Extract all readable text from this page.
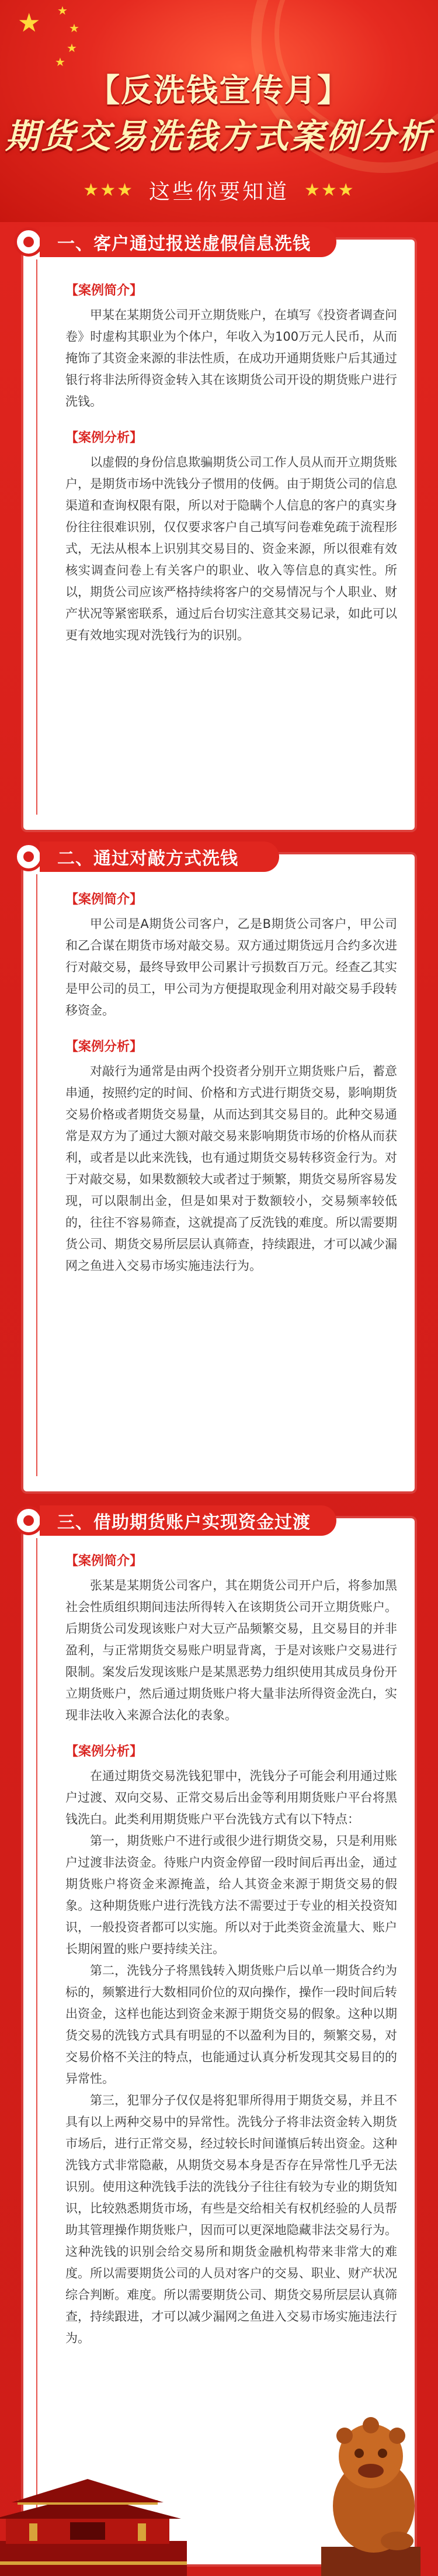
★ ★
★
★
★
【反洗钱宣传月】
期货交易洗钱方式案例分析
★★★ 这些你要知道 ★★★
一、客户通过报送虚假信息洗钱
【案例简介】

甲某在某期货公司开立期货账户，在填写《投资者调查问卷》时虚构其职业为个体户，年收入为100万元人民币，从而掩饰了其资金来源的非法性质，在成功开通期货账户后其通过银行将非法所得资金转入其在该期货公司开设的期货账户进行洗钱。

【案例分析】

以虚假的身份信息欺骗期货公司工作人员从而开立期货账户，是期货市场中洗钱分子惯用的伎俩。由于期货公司的信息渠道和查询权限有限，所以对于隐瞒个人信息的客户的真实身份往往很难识别，仅仅要求客户自己填写问卷难免疏于流程形式，无法从根本上识别其交易目的、资金来源，所以很难有效核实调查问卷上有关客户的职业、收入等信息的真实性。所以，期货公司应该严格持续将客户的交易情况与个人职业、财产状况等紧密联系，通过后台切实注意其交易记录，如此可以更有效地实现对洗钱行为的识别。

二、通过对敲方式洗钱
【案例简介】

甲公司是A期货公司客户，乙是B期货公司客户，甲公司和乙合谋在期货市场对敲交易。双方通过期货远月合约多次进行对敲交易，最终导致甲公司累计亏损数百万元。经查乙其实是甲公司的员工，甲公司为方便提取现金利用对敲交易手段转移资金。

【案例分析】

对敲行为通常是由两个投资者分别开立期货账户后，蓄意串通，按照约定的时间、价格和方式进行期货交易，影响期货交易价格或者期货交易量，从而达到其交易目的。此种交易通常是双方为了通过大额对敲交易来影响期货市场的价格从而获利，或者是以此来洗钱，也有通过期货交易转移资金行为。对于对敲交易，如果数额较大或者过于频繁，期货交易所容易发现，可以限制出金，但是如果对于数额较小，交易频率较低的，往往不容易筛查，这就提高了反洗钱的难度。所以需要期货公司、期货交易所层层认真筛查，持续跟进，才可以减少漏网之鱼进入交易市场实施违法行为。

三、借助期货账户实现资金过渡
【案例简介】

张某是某期货公司客户，其在期货公司开户后，将参加黑社会性质组织期间违法所得转入在该期货公司开立期货账户。后期货公司发现该账户对大豆产品频繁交易，且交易目的并非盈利，与正常期货交易账户明显背离，于是对该账户交易进行限制。案发后发现该账户是某黑恶势力组织使用其成员身份开立期货账户，然后通过期货账户将大量非法所得资金洗白，实现非法收入来源合法化的表象。

【案例分析】

在通过期货交易洗钱犯罪中，洗钱分子可能会利用通过账户过渡、双向交易、正常交易后出金等利用期货账户平台将黑钱洗白。此类利用期货账户平台洗钱方式有以下特点：

第一，期货账户不进行或很少进行期货交易，只是利用账户过渡非法资金。待账户内资金停留一段时间后再出金，通过期货账户将资金来源掩盖，给人其资金来源于期货交易的假象。这种期货账户进行洗钱方法不需要过于专业的相关投资知识，一般投资者都可以实施。所以对于此类资金流量大、账户长期闲置的账户要持续关注。

第二，洗钱分子将黑钱转入期货账户后以单一期货合约为标的，频繁进行大数相同价位的双向操作，操作一段时间后转出资金，这样也能达到资金来源于期货交易的假象。这种以期货交易的洗钱方式具有明显的不以盈利为目的，频繁交易，对交易价格不关注的特点，也能通过认真分析发现其交易目的的异常性。

第三，犯罪分子仅仅是将犯罪所得用于期货交易，并且不具有以上两种交易中的异常性。洗钱分子将非法资金转入期货市场后，进行正常交易，经过较长时间谨慎后转出资金。这种洗钱方式非常隐蔽，从期货交易本身是否存在异常性几乎无法识别。使用这种洗钱手法的洗钱分子往往有较为专业的期货知识，比较熟悉期货市场，有些是交给相关有权机经验的人员帮助其管理操作期货账户，因而可以更深地隐藏非法交易行为。这种洗钱的识别会给交易所和期货金融机构带来非常大的难度。所以需要期货公司的人员对客户的交易、职业、财产状况综合判断。难度。所以需要期货公司、期货交易所层层认真筛查，持续跟进，才可以减少漏网之鱼进入交易市场实施违法行为。
